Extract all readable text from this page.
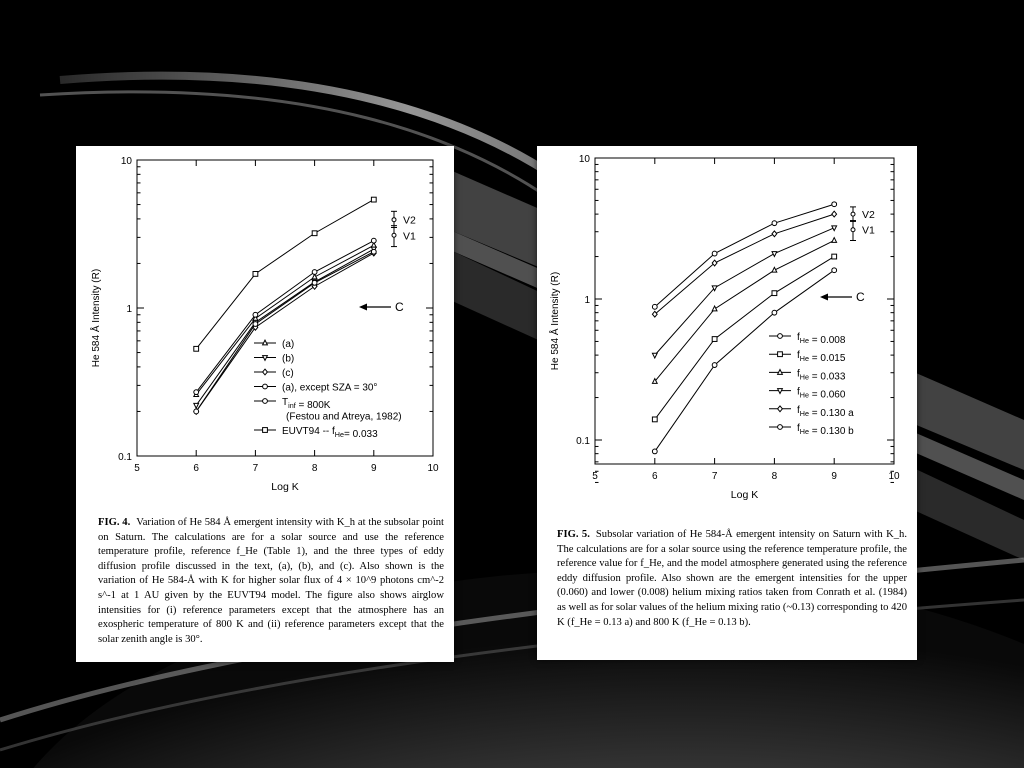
5	6	7	8	9	10
0.1
1
10
Log K
He 584 Å Intensity (R)	(a)
(b)
(c)
(a), except SZA = 30°
$T_{inf} = 800K$
(Festou and Atreya, 1982)
EUVT94 -- $f_{He}= 0.033$
C
V2
V1
FIG. 4. Variation of He 584 Å emergent intensity with K_h at the subsolar point on Saturn. The calculations are for a solar source and use the reference temperature profile, reference f_He (Table 1), and the three types of eddy diffusion profile discussed in the text, (a), (b), and (c). Also shown is the variation of He 584-Å with K for higher solar flux of 4 × 10^9 photons cm^-2 s^-1 at 1 AU given by the EUVT94 model. The figure also shows airglow intensities for (i) reference parameters except that the atmosphere has an exospheric temperature of 800 K and (ii) reference parameters except that the solar zenith angle is 30°.
5	6	7	8	9	10
0.1
1
10
Log K
He 584 Å Intensity (R)	$f_{He} = 0.008$
$f_{He} = 0.015$
$f_{He} = 0.033$
$f_{He} = 0.060$
$f_{He} = 0.130$ a
$f_{He} = 0.130$ b
C
V2
V1
FIG. 5. Subsolar variation of He 584-Å emergent intensity on Saturn with K_h. The calculations are for a solar source using the reference temperature profile, the reference value for f_He, and the model atmosphere generated using the reference eddy diffusion profile. Also shown are the emergent intensities for the upper (0.060) and lower (0.008) helium mixing ratios taken from Conrath et al. (1984) as well as for solar values of the helium mixing ratio (~0.13) corresponding to 420 K (f_He = 0.13 a) and 800 K (f_He = 0.13 b).
